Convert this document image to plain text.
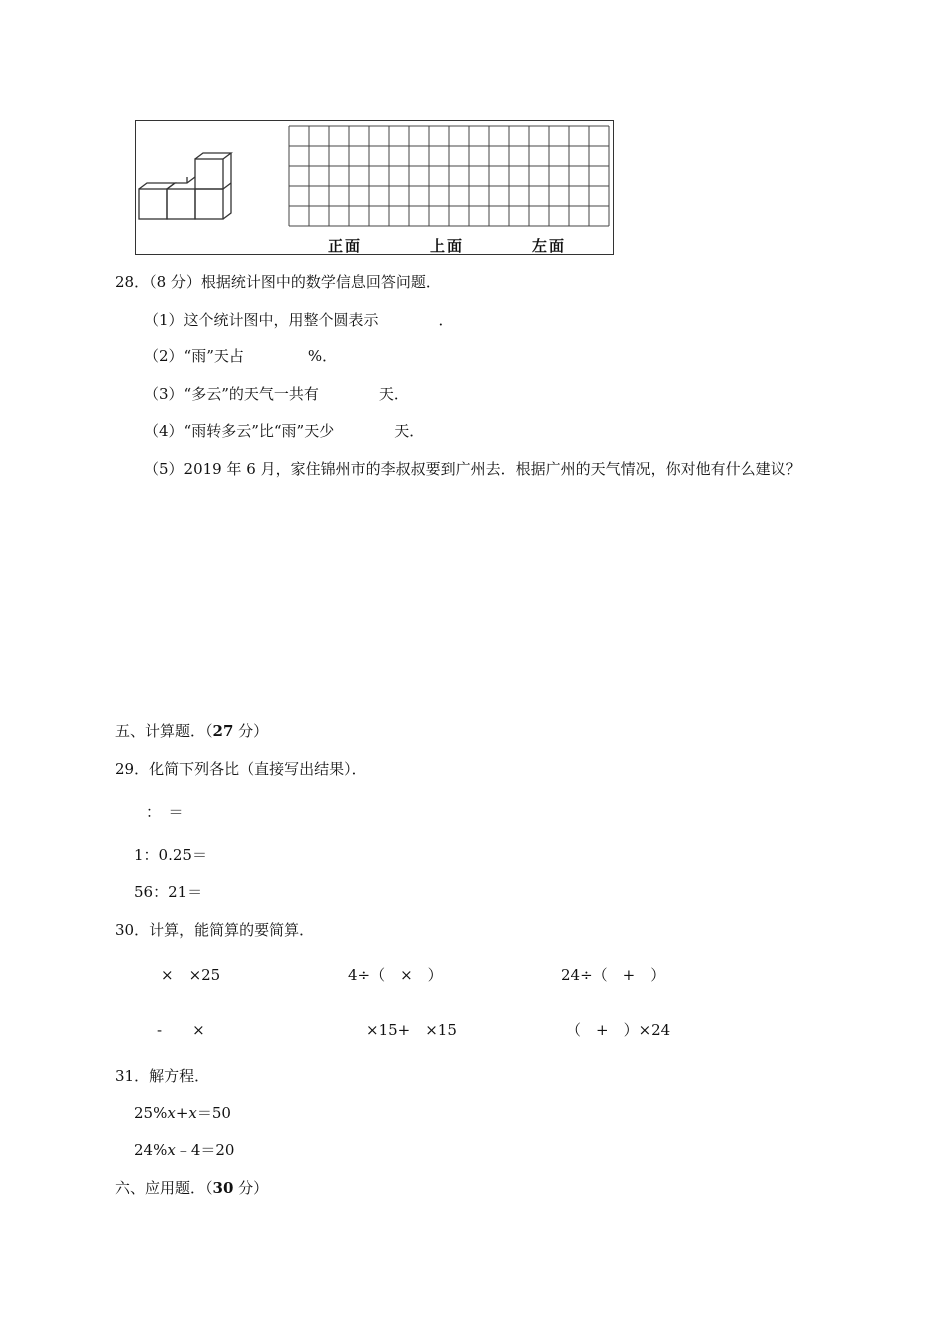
正面	上面	左面
28．（8 分）根据统计图中的数学信息回答问题．
（1）这个统计图中，用整个圆表示	．
（2）“雨”天占	%．
（3）“多云”的天气一共有	天．
（4）“雨转多云”比“雨”天少	天．
（5）2019 年 6 月，家住锦州市的李叔叔要到广州去．根据广州的天气情况，你对他有什么建议？
五、计算题．（27 分）
29．化简下列各比（直接写出结果）．
：　＝
1：0.25＝
56：21＝
30．计算，能简算的要简算．
×　×25	4÷（　×　）	24÷（　+　）
-　　×	×15+　×15	（　+　）×24
31．解方程．
25%x+x＝50
24%x﹣4＝20
六、应用题．（30 分）
